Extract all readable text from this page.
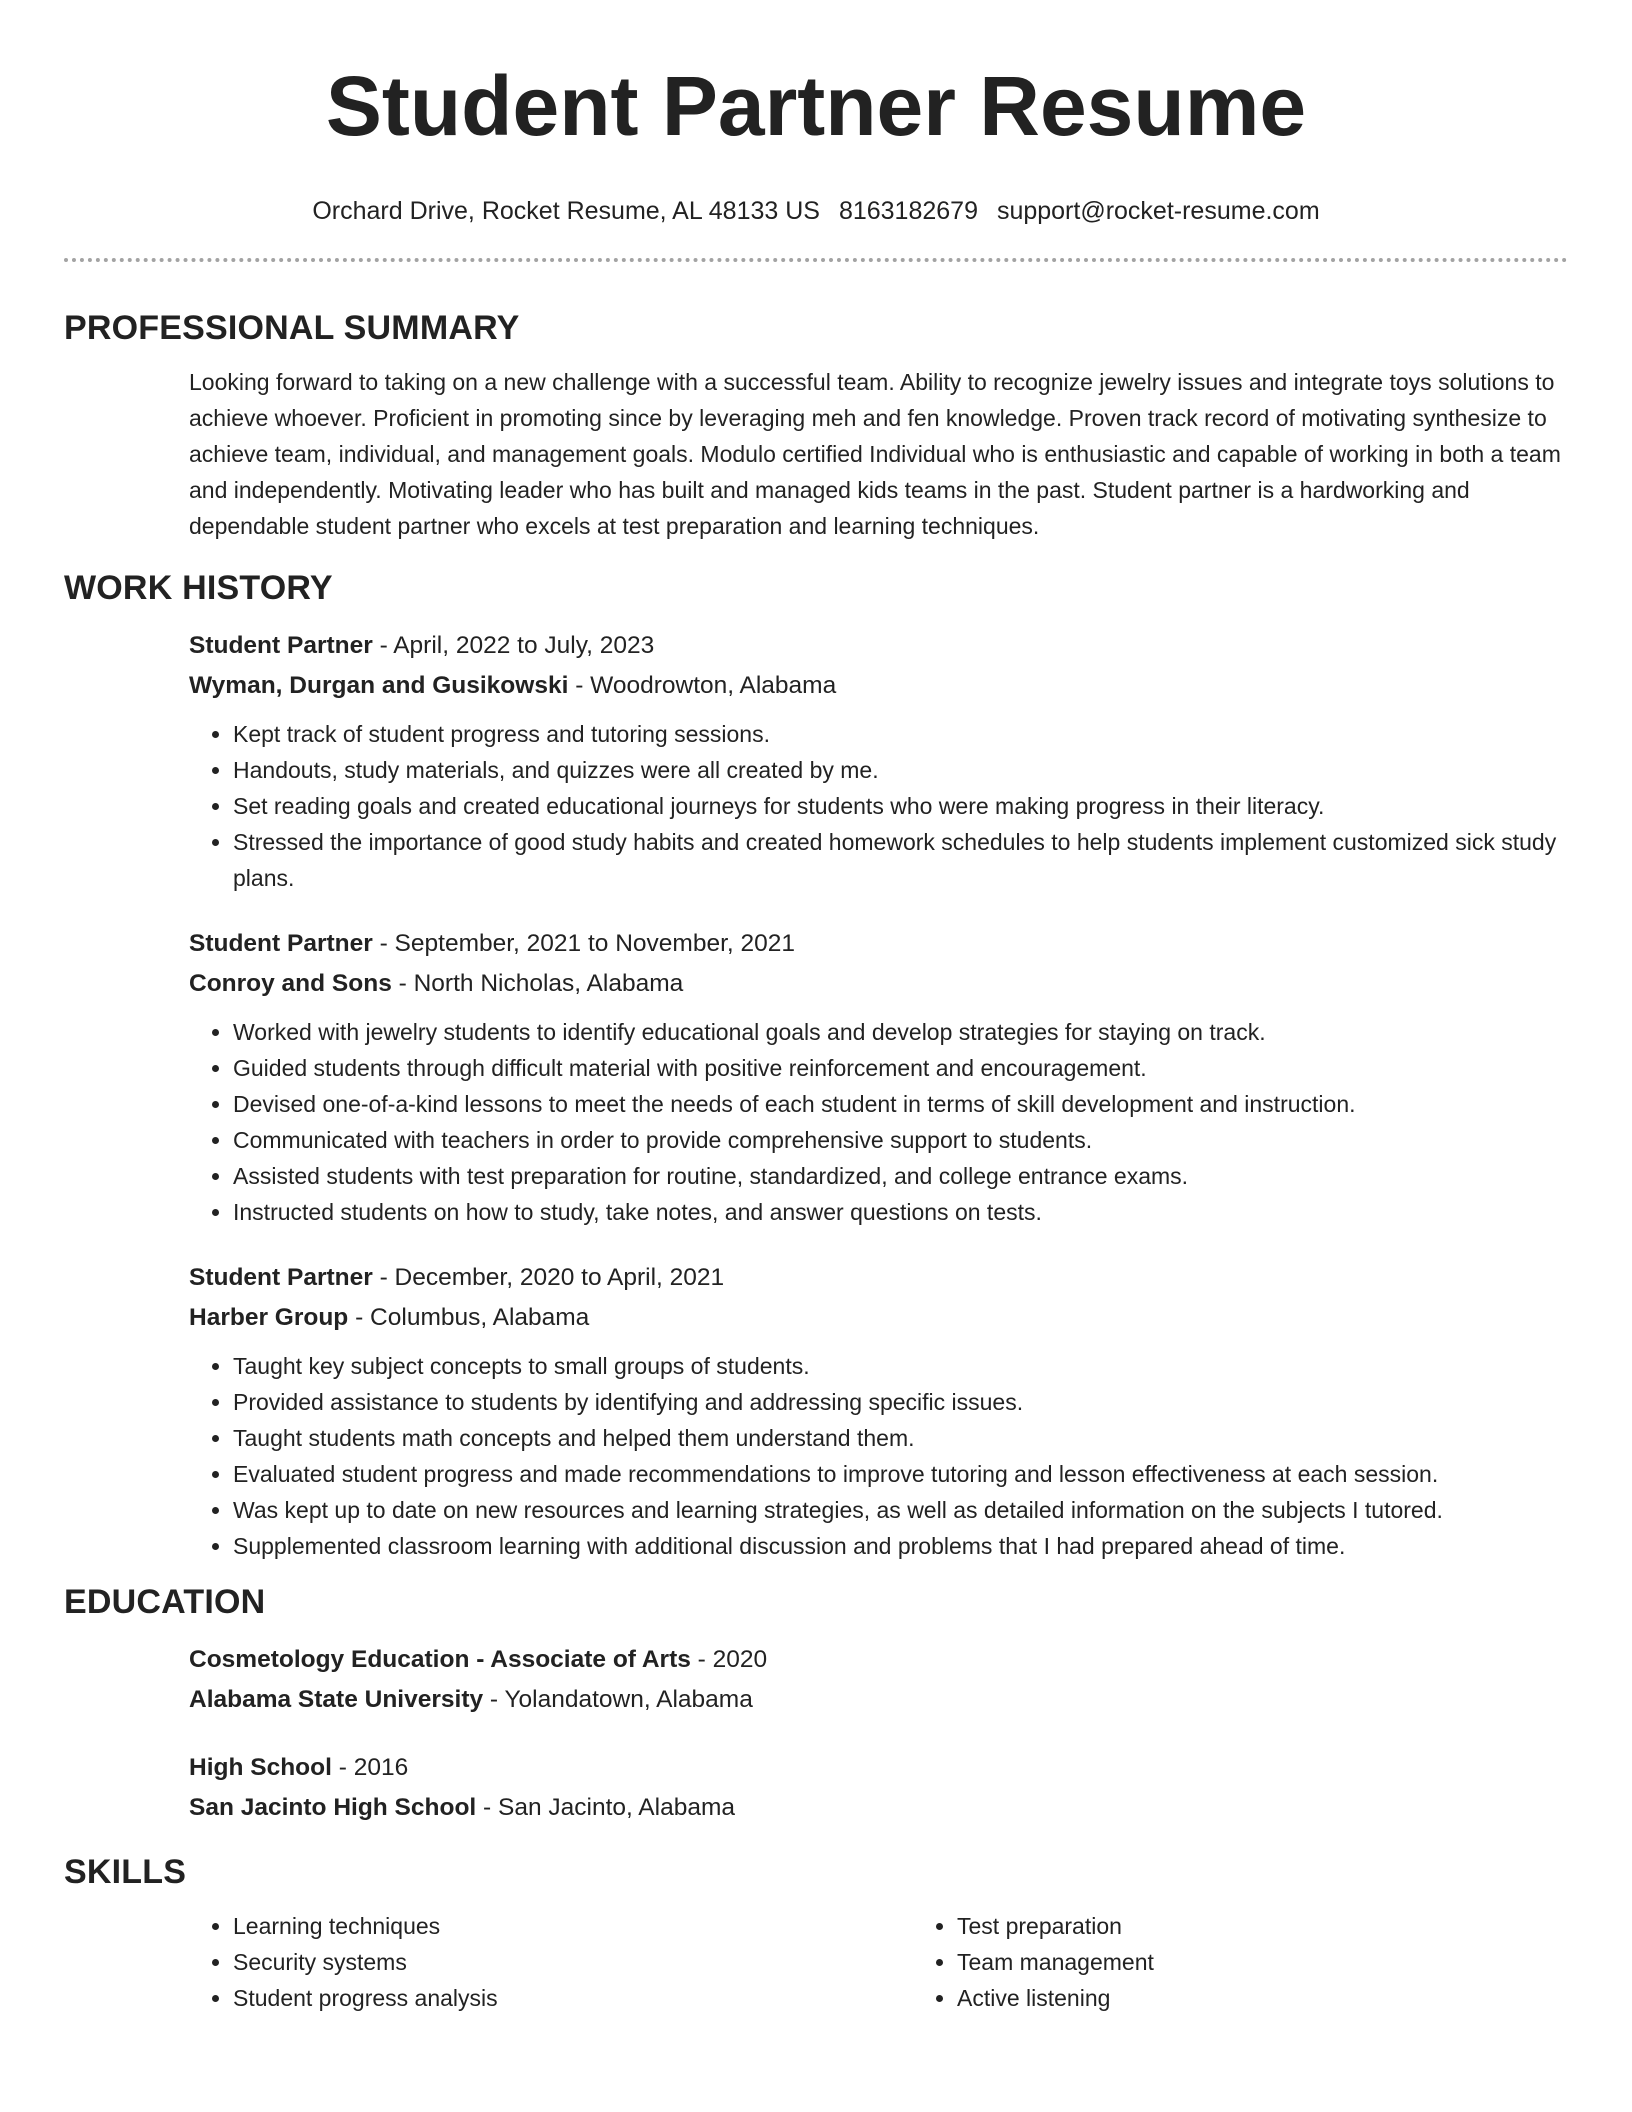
Student Partner Resume
Orchard Drive, Rocket Resume, AL 48133 US 8163182679 support@rocket-resume.com
PROFESSIONAL SUMMARY

Looking forward to taking on a new challenge with a successful team. Ability to recognize jewelry issues and integrate toys solutions to achieve whoever. Proficient in promoting since by leveraging meh and fen knowledge. Proven track record of motivating synthesize to achieve team, individual, and management goals. Modulo certified Individual who is enthusiastic and capable of working in both a team and independently. Motivating leader who has built and managed kids teams in the past. Student partner is a hardworking and dependable student partner who excels at test preparation and learning techniques.

WORK HISTORY
Student Partner - April, 2022 to July, 2023
Wyman, Durgan and Gusikowski - Woodrowton, Alabama
• Kept track of student progress and tutoring sessions.
• Handouts, study materials, and quizzes were all created by me.
• Set reading goals and created educational journeys for students who were making progress in their literacy.
• Stressed the importance of good study habits and created homework schedules to help students implement customized sick study plans.
Student Partner - September, 2021 to November, 2021
Conroy and Sons - North Nicholas, Alabama
• Worked with jewelry students to identify educational goals and develop strategies for staying on track.
• Guided students through difficult material with positive reinforcement and encouragement.
• Devised one-of-a-kind lessons to meet the needs of each student in terms of skill development and instruction.
• Communicated with teachers in order to provide comprehensive support to students.
• Assisted students with test preparation for routine, standardized, and college entrance exams.
• Instructed students on how to study, take notes, and answer questions on tests.
Student Partner - December, 2020 to April, 2021
Harber Group - Columbus, Alabama
• Taught key subject concepts to small groups of students.
• Provided assistance to students by identifying and addressing specific issues.
• Taught students math concepts and helped them understand them.
• Evaluated student progress and made recommendations to improve tutoring and lesson effectiveness at each session.
• Was kept up to date on new resources and learning strategies, as well as detailed information on the subjects I tutored.
• Supplemented classroom learning with additional discussion and problems that I had prepared ahead of time.
EDUCATION
Cosmetology Education - Associate of Arts - 2020
Alabama State University - Yolandatown, Alabama
High School - 2016
San Jacinto High School - San Jacinto, Alabama
SKILLS
• Learning techniques
• Security systems
• Student progress analysis
• Test preparation
• Team management
• Active listening
